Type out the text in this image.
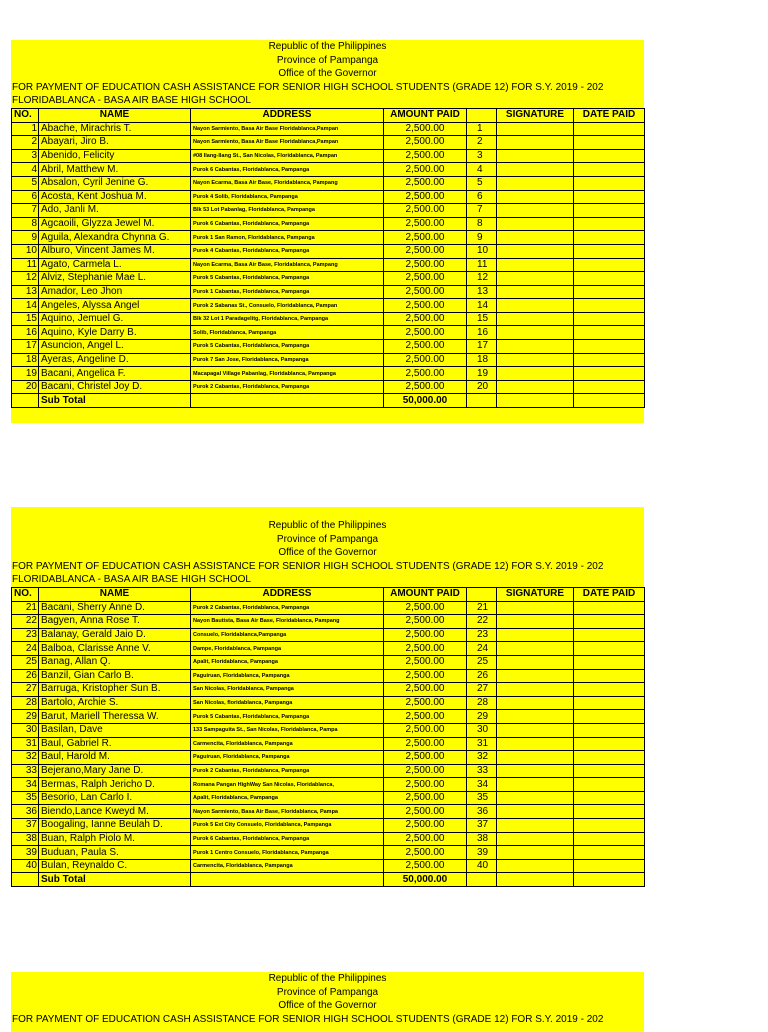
Republic of the Philippines
Province of Pampanga
Office of the Governor
FOR PAYMENT OF EDUCATION CASH ASSISTANCE FOR SENIOR HIGH SCHOOL STUDENTS (GRADE 12) FOR S.Y. 2019 - 202
FLORIDABLANCA - BASA AIR BASE HIGH SCHOOL
NO.	NAME	ADDRESS	AMOUNT PAID		SIGNATURE	DATE PAID
1	Abache, Mirachris T.	Nayon Sarmiento, Basa Air Base Floridablanca,Pampan	2,500.00	1		
2	Abayari, Jiro B.	Nayon Sarmiento, Basa Air Base Floridablanca,Pampan	2,500.00	2		
3	Abenido, Felicity	#08 Ilang-Ilang St., San Nicolas, Floridablanca, Pampan	2,500.00	3		
4	Abril, Matthew M.	Purok 6 Cabantas, Floridablanca, Pampanga	2,500.00	4		
5	Absalon, Cyril Jenine G.	Nayon Ecarma, Basa Air Base, Floridablanca, Pampang	2,500.00	5		
6	Acosta, Kent Joshua M.	Purok 4 Solib, Floridablanca, Pampanga	2,500.00	6		
7	Ado, Janli M.	Blk 53 Lot Pabanlag, Floridablanca, Pampanga	2,500.00	7		
8	Agcaoili, Glyzza Jewel M.	Purok 6 Cabantas, Floridablanca, Pampanga	2,500.00	8		
9	Aguila, Alexandra Chynna G.	Purok 1 San Ramon, Floridablanca, Pampanga	2,500.00	9		
10	Alburo, Vincent James M.	Purok 4 Cabantas, Floridablanca, Pampanga	2,500.00	10		
11	Agato, Carmela L.	Nayon Ecarma, Basa Air Base, Floridablanca, Pampang	2,500.00	11		
12	Alviz, Stephanie Mae L.	Purok 5 Cabantas, Floridablanca, Pampanga	2,500.00	12		
13	Amador, Leo Jhon	Purok 1 Cabantas, Floridablanca, Pampanga	2,500.00	13		
14	Angeles, Alyssa Angel	Purok 2 Sabanas St., Consuelo, Floridablanca, Pampan	2,500.00	14		
15	Aquino, Jemuel G.	Blk 32 Lot 1 Paradagelitg, Floridablanca, Pampanga	2,500.00	15		
16	Aquino, Kyle Darry B.	Solib, Floridablanca, Pampanga	2,500.00	16		
17	Asuncion, Angel L.	Purok 5 Cabantas, Floridablanca, Pampanga	2,500.00	17		
18	Ayeras, Angeline D.	Purok 7 San Jose, Floridablanca, Pampanga	2,500.00	18		
19	Bacani, Angelica F.	Macapagal Village Pabanlag, Floridablanca, Pampanga	2,500.00	19		
20	Bacani, Christel Joy D.	Purok 2 Cabantas, Floridablanca, Pampanga	2,500.00	20		
	Sub Total		50,000.00			
Republic of the Philippines
Province of Pampanga
Office of the Governor
FOR PAYMENT OF EDUCATION CASH ASSISTANCE FOR SENIOR HIGH SCHOOL STUDENTS (GRADE 12) FOR S.Y. 2019 - 202
FLORIDABLANCA - BASA AIR BASE HIGH SCHOOL
NO.	NAME	ADDRESS	AMOUNT PAID		SIGNATURE	DATE PAID
21	Bacani, Sherry Anne D.	Purok 2 Cabantas, Floridablanca, Pampanga	2,500.00	21		
22	Bagyen, Anna Rose T.	Nayon Bautista, Basa Air Base, Floridablanca, Pampang	2,500.00	22		
23	Balanay, Gerald Jaio D.	Consuelo, Floridablanca,Pampanga	2,500.00	23		
24	Balboa, Clarisse Anne V.	Dampe, Floridablanca, Pampanga	2,500.00	24		
25	Banag, Allan Q.	Apalit, Floridablanca, Pampanga	2,500.00	25		
26	Banzil, Gian Carlo B.	Paguiruan, Floridablanca, Pampanga	2,500.00	26		
27	Barruga, Kristopher Sun B.	San Nicolas, Floridablanca, Pampanga	2,500.00	27		
28	Bartolo, Archie S.	San Nicolas, floridablanca, Pampanga	2,500.00	28		
29	Barut, Mariell Theressa W.	Purok 5 Cabantas, Floridablanca, Pampanga	2,500.00	29		
30	Basilan, Dave	133 Sampaguita St., San Nicolas, Floridablanca, Pampa	2,500.00	30		
31	Baul, Gabriel R.	Carmencita, Floridablanca, Pampanga	2,500.00	31		
32	Baul, Harold M.	Paguiruan, Floridablanca, Pampanga	2,500.00	32		
33	Bejerano,Mary Jane D.	Purok 2 Cabantas, Floridablanca, Pampanga	2,500.00	33		
34	Bermas, Ralph Jericho D.	Romana Pangan HighWay San Nicolas, Floridablanca,	2,500.00	34		
35	Besorio, Lan Carlo I.	Apalit, Floridablanca, Pampanga	2,500.00	35		
36	Biendo,Lance Kweyd M.	Nayon Sarmiento, Basa Air Base, Floridablanca, Pampa	2,500.00	36		
37	Boogaling, Ianne Beulah D.	Purok 5 Ext City Consuelo, Floridablanca, Pampanga	2,500.00	37		
38	Buan, Ralph Piolo M.	Purok 6 Cabantas, Floridablanca, Pampanga	2,500.00	38		
39	Buduan, Paula S.	Purok 1 Centro Consuelo, Floridablanca, Pampanga	2,500.00	39		
40	Bulan, Reynaldo C.	Carmencita, Floridablanca, Pampanga	2,500.00	40		
	Sub Total		50,000.00			
Republic of the Philippines
Province of Pampanga
Office of the Governor
FOR PAYMENT OF EDUCATION CASH ASSISTANCE FOR SENIOR HIGH SCHOOL STUDENTS (GRADE 12) FOR S.Y. 2019 - 202
